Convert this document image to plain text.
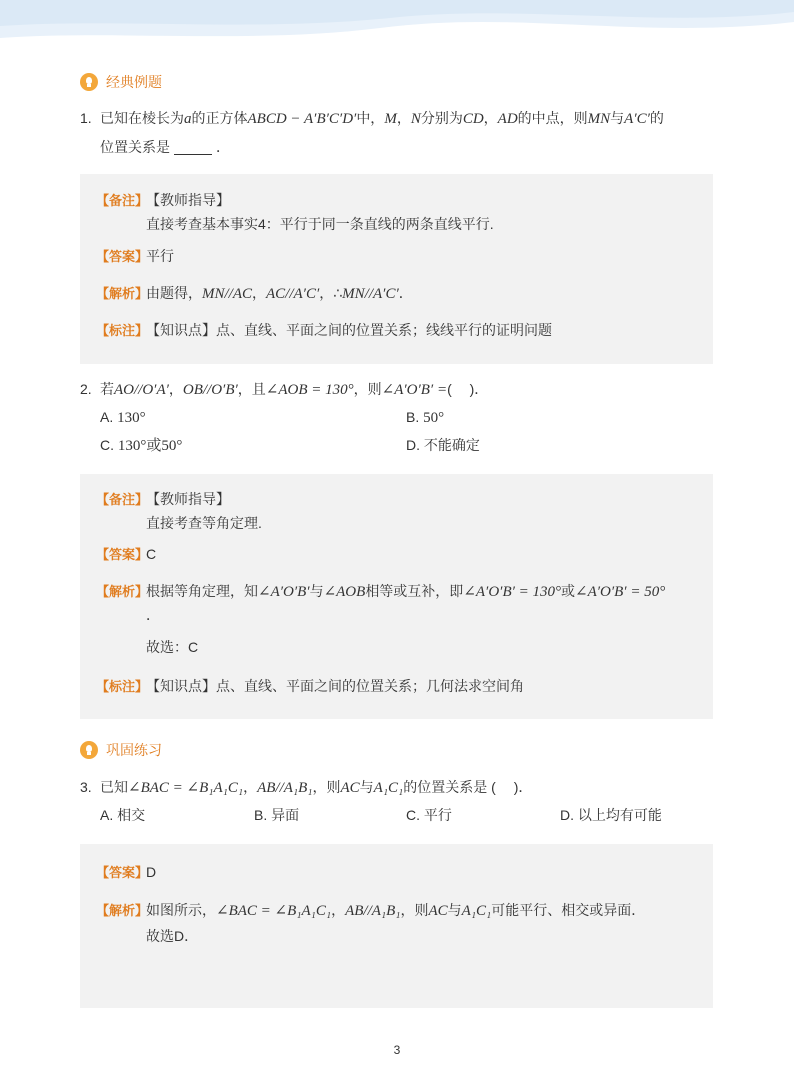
经典例题
1. 已知在棱长为a的正方体ABCD − A′B′C′D′中，M，N分别为CD，AD的中点，则MN与A′C′的
位置关系是	．
【备注】【教师指导】
直接考查基本事实4：平行于同一条直线的两条直线平行.
【答案】平行
【解析】由题得，MN//AC，AC//A′C′，∴MN//A′C′．
【标注】【知识点】点、直线、平面之间的位置关系；线线平行的证明问题
2. 若AO//O′A′，OB//O′B′，且∠AOB = 130°，则∠A′O′B′ =(　 )．
A. 130°	B. 50°
C. 130°或50°	D. 不能确定
【备注】【教师指导】
直接考查等角定理.
【答案】C
【解析】根据等角定理，知∠A′O′B′与∠AOB相等或互补，即∠A′O′B′ = 130°或∠A′O′B′ = 50°
．
故选：C
【标注】【知识点】点、直线、平面之间的位置关系；几何法求空间角
巩固练习
3. 已知∠BAC = ∠B₁A₁C₁，AB//A₁B₁，则AC与A₁C₁的位置关系是 (　 )．
A. 相交	B. 异面	C. 平行	D. 以上均有可能
【答案】D
【解析】如图所示，∠BAC = ∠B₁A₁C₁，AB//A₁B₁，则AC与A₁C₁可能平行、相交或异面．
故选D．
3
